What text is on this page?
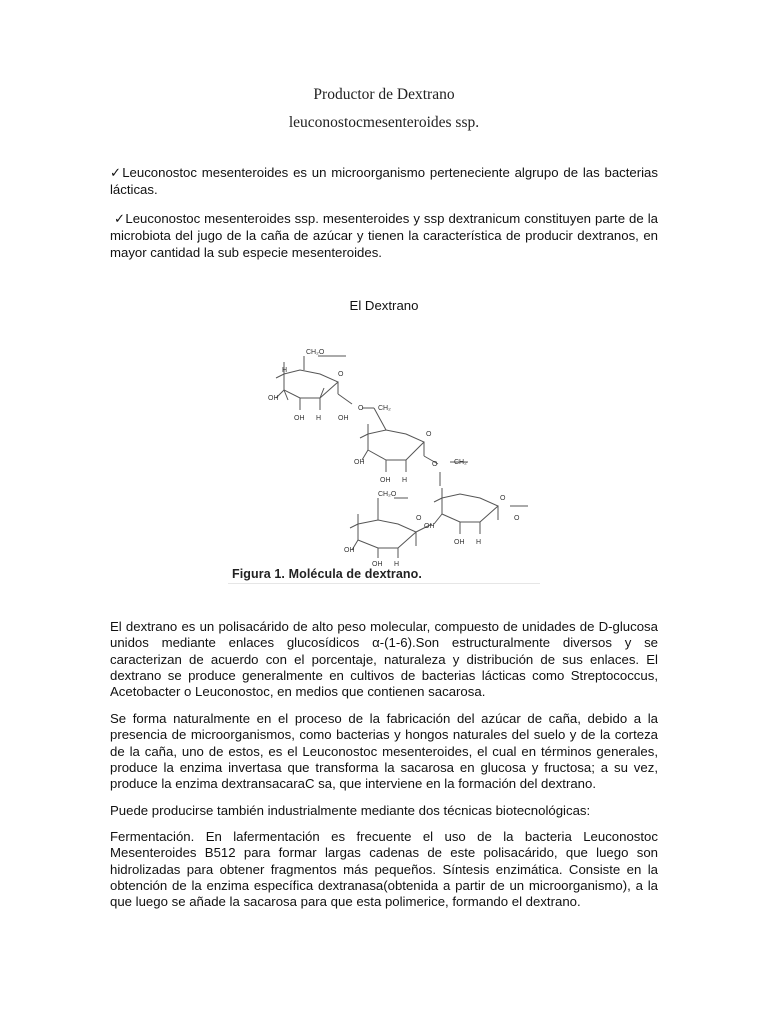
Productor de Dextrano
leuconostocmesenteroides ssp.
✓Leuconostoc mesenteroides es un microorganismo perteneciente algrupo de las bacterias lácticas.
✓Leuconostoc mesenteroides ssp. mesenteroides y ssp dextranicum constituyen parte de la microbiota del jugo de la caña de azúcar y tienen la característica de producir dextranos, en mayor cantidad la sub especie mesenteroides.
El Dextrano
CH₂O
O
H
OH
OH H OH
O CH₂
O
OH
OH H
O CH₂
O
O
OH
OH H
CH₂O
O
OH
OH H
Figura 1. Molécula de dextrano.
El dextrano es un polisacárido de alto peso molecular, compuesto de unidades de D-glucosa unidos mediante enlaces glucosídicos α-(1-6).Son estructuralmente diversos y se caracterizan de acuerdo con el porcentaje, naturaleza y distribución de sus enlaces. El dextrano se produce generalmente en cultivos de bacterias lácticas como Streptococcus, Acetobacter o Leuconostoc, en medios que contienen sacarosa.
Se forma naturalmente en el proceso de la fabricación del azúcar de caña, debido a la presencia de microorganismos, como bacterias y hongos naturales del suelo y de la corteza de la caña, uno de estos, es el Leuconostoc mesenteroides, el cual en términos generales, produce la enzima invertasa que transforma la sacarosa en glucosa y fructosa; a su vez, produce la enzima dextransacaraC sa, que interviene en la formación del dextrano.
Puede producirse también industrialmente mediante dos técnicas biotecnológicas:
Fermentación. En lafermentación es frecuente el uso de la bacteria Leuconostoc Mesenteroides B512 para formar largas cadenas de este polisacárido, que luego son hidrolizadas para obtener fragmentos más pequeños. Síntesis enzimática. Consiste en la obtención de la enzima específica dextranasa(obtenida a partir de un microorganismo), a la que luego se añade la sacarosa para que esta polimerice, formando el dextrano.
